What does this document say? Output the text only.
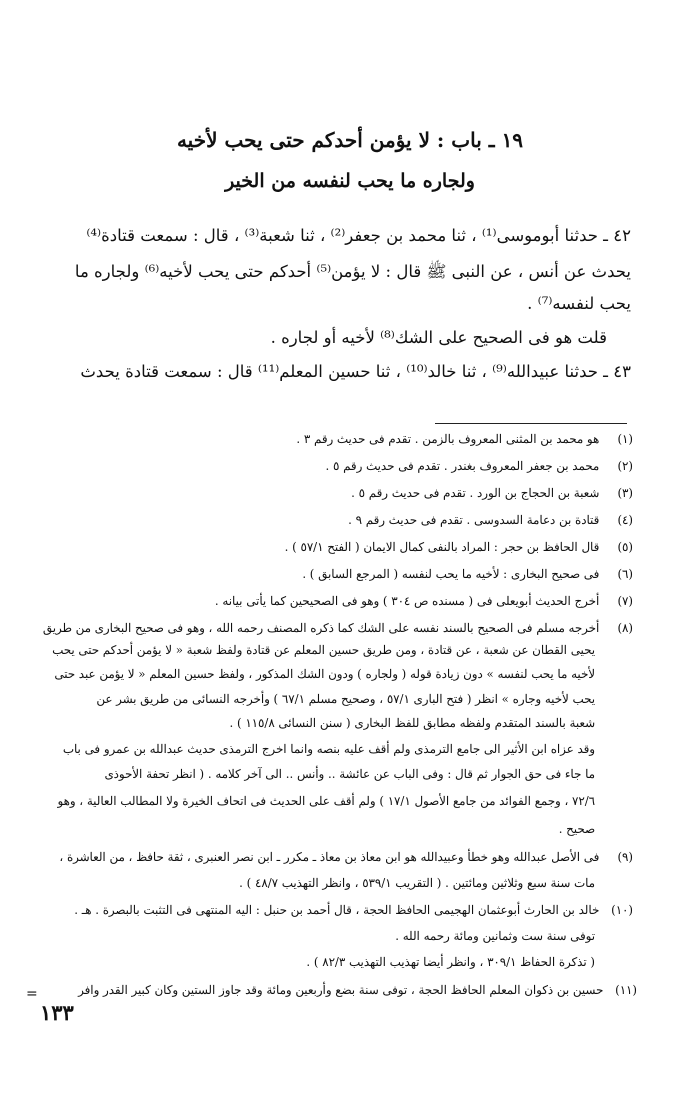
١٩ ـ باب : لا يؤمن أحدكم حتى يحب لأخيه
ولجاره ما يحب لنفسه من الخير
٤٢ ـ حدثنا أبوموسى⁽¹⁾ ، ثنا محمد بن جعفر⁽²⁾ ، ثنا شعبة⁽³⁾ ، قال : سمعت قتادة⁽⁴⁾
يحدث عن أنس ، عن النبى ﷺ قال : لا يؤمن⁽⁵⁾ أحدكم حتى يحب لأخيه⁽⁶⁾ ولجاره ما
يحب لنفسه⁽⁷⁾ .
قلت هو فى الصحيح على الشك⁽⁸⁾ لأخيه أو لجاره .
٤٣ ـ حدثنا عبيدالله⁽⁹⁾ ، ثنا خالد⁽¹⁰⁾ ، ثنا حسين المعلم⁽¹¹⁾ قال : سمعت قتادة يحدث
(١) هو محمد بن المثنى المعروف بالزمن . تقدم فى حديث رقم ٣ .
(٢) محمد بن جعفر المعروف بغندر . تقدم فى حديث رقم ٥ .
(٣) شعبة بن الحجاج بن الورد . تقدم فى حديث رقم ٥ .
(٤) قتادة بن دعامة السدوسى . تقدم فى حديث رقم ٩ .
(٥) قال الحافظ بن حجر : المراد بالنفى كمال الايمان ( الفتح ٥٧/١ ) .
(٦) فى صحيح البخارى : لأخيه ما يحب لنفسه ( المرجع السابق ) .
(٧) أخرج الحديث أبويعلى فى ( مسنده ص ٣٠٤ ) وهو فى الصحيحين كما يأتى بيانه .
(٨) أخرجه مسلم فى الصحيح بالسند نفسه على الشك كما ذكره المصنف رحمه الله ، وهو فى صحيح البخارى من طريق
يحيى القطان عن شعبة ، عن قتادة ، ومن طريق حسين المعلم عن قتادة ولفظ شعبة « لا يؤمن أحدكم حتى يحب
لأخيه ما يحب لنفسه » دون زيادة قوله ( ولجاره ) ودون الشك المذكور ، ولفظ حسين المعلم « لا يؤمن عبد حتى
يحب لأخيه وجاره » انظر ( فتح البارى ٥٧/١ ، وصحيح مسلم ٦٧/١ ) وأخرجه النسائى من طريق بشر عن
شعبة بالسند المتقدم ولفظه مطابق للفظ البخارى ( سنن النسائى ١١٥/٨ ) .
وقد عزاه ابن الأثير الى جامع الترمذى ولم أقف عليه بنصه وانما اخرج الترمذى حديث عبدالله بن عمرو فى باب
ما جاء فى حق الجوار ثم قال : وفى الباب عن عائشة .. وأنس .. الى آخر كلامه . ( انظر تحفة الأحوذى
٧٢/٦ ، وجمع الفوائد من جامع الأصول ١٧/١ ) ولم أقف على الحديث فى اتحاف الخيرة ولا المطالب العالية ، وهو
صحيح .
(٩) فى الأصل عبدالله وهو خطأ وعبيدالله هو ابن معاذ بن معاذ ـ مكرر ـ ابن نصر العنبرى ، ثقة حافظ ، من العاشرة ،
مات سنة سبع وثلاثين ومائتين . ( التقريب ٥٣٩/١ ، وانظر التهذيب ٤٨/٧ ) .
(١٠) خالد بن الحارث أبوعثمان الهجيمى الحافظ الحجة ، قال أحمد بن حنبل : اليه المنتهى فى التثبت بالبصرة . هـ .
توفى سنة ست وثمانين ومائة رحمه الله .
( تذكرة الحفاظ ٣٠٩/١ ، وانظر أيضا تهذيب التهذيب ٨٢/٣ ) .
(١١) حسين بن ذكوان المعلم الحافظ الحجة ، توفى سنة بضع وأربعين ومائة وقد جاوز الستين وكان كبير القدر وافر
=
١٣٣
